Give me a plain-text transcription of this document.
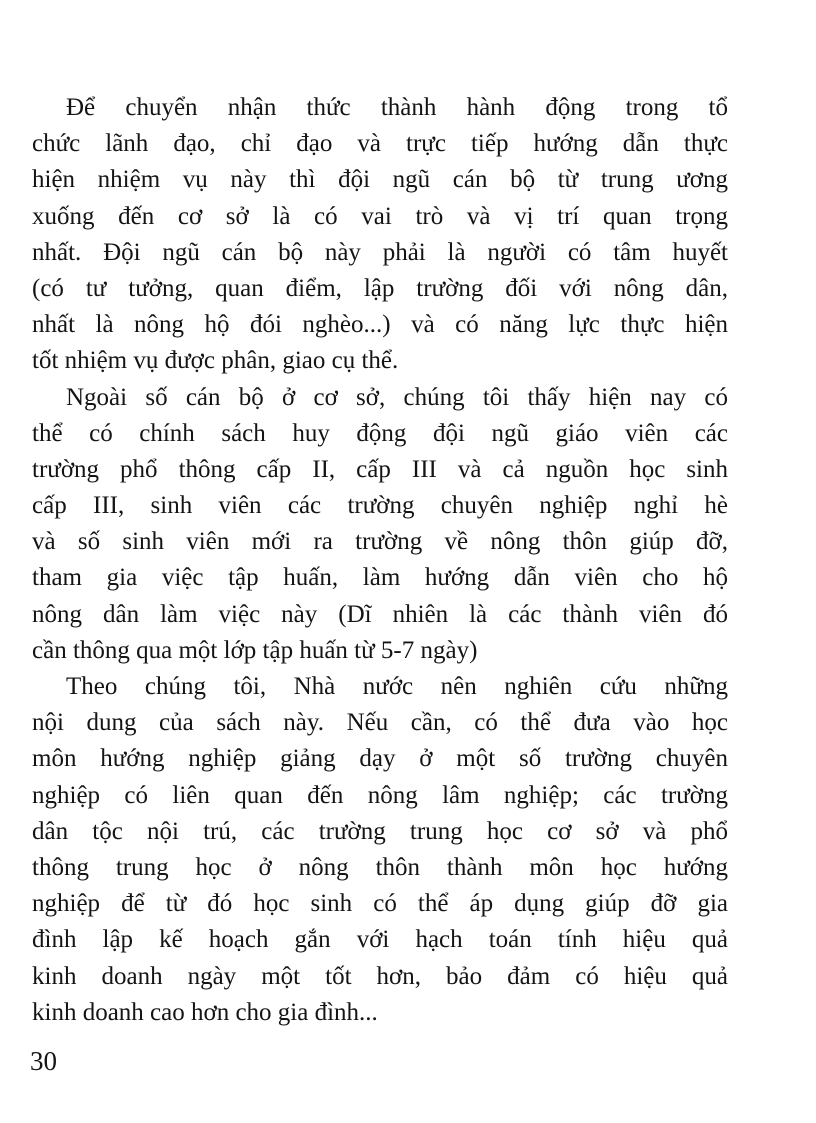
Để chuyển nhận thức thành hành động trong tổ
chức lãnh đạo, chỉ đạo và trực tiếp hướng dẫn thực
hiện nhiệm vụ này thì đội ngũ cán bộ từ trung ương
xuống đến cơ sở là có vai trò và vị trí quan trọng
nhất. Đội ngũ cán bộ này phải là người có tâm huyết
(có tư tưởng, quan điểm, lập trường đối với nông dân,
nhất là nông hộ đói nghèo...) và có năng lực thực hiện
tốt nhiệm vụ được phân, giao cụ thể.
Ngoài số cán bộ ở cơ sở, chúng tôi thấy hiện nay có
thể có chính sách huy động đội ngũ giáo viên các
trường phổ thông cấp II, cấp III và cả nguồn học sinh
cấp III, sinh viên các trường chuyên nghiệp nghỉ hè
và số sinh viên mới ra trường về nông thôn giúp đỡ,
tham gia việc tập huấn, làm hướng dẫn viên cho hộ
nông dân làm việc này (Dĩ nhiên là các thành viên đó
cần thông qua một lớp tập huấn từ 5-7 ngày)
Theo chúng tôi, Nhà nước nên nghiên cứu những
nội dung của sách này. Nếu cần, có thể đưa vào học
môn hướng nghiệp giảng dạy ở một số trường chuyên
nghiệp có liên quan đến nông lâm nghiệp; các trường
dân tộc nội trú, các trường trung học cơ sở và phổ
thông trung học ở nông thôn thành môn học hướng
nghiệp để từ đó học sinh có thể áp dụng giúp đỡ gia
đình lập kế hoạch gắn với hạch toán tính hiệu quả
kinh doanh ngày một tốt hơn, bảo đảm có hiệu quả
kinh doanh cao hơn cho gia đình...
30
